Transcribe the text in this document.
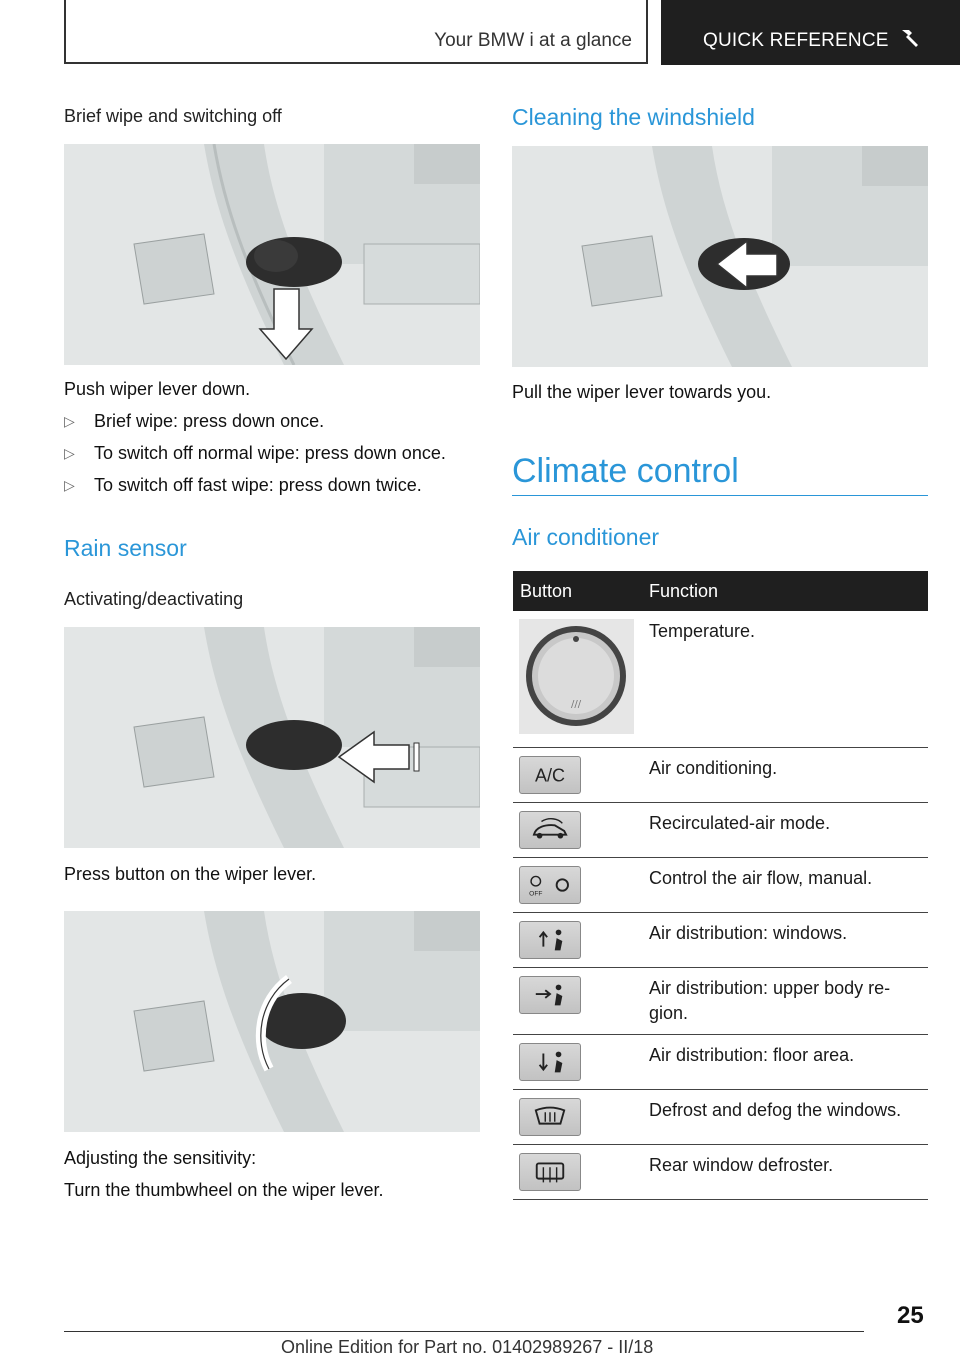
Your BMW i at a glance	QUICK REFERENCE
Brief wipe and switching off
Push wiper lever down.
▷ Brief wipe: press down once.
▷ To switch off normal wipe: press down once.
▷ To switch off fast wipe: press down twice.
Rain sensor
Activating/deactivating
Press button on the wiper lever.
Adjusting the sensitivity:
Turn the thumbwheel on the wiper lever.
Cleaning the windshield
Pull the wiper lever towards you.
Climate control
Air conditioner
Button	Function

///	Temperature.

A/C	Air conditioning.

	Recirculated-air mode.

OFF	Control the air flow, manual.

	Air distribution: windows.

	Air distribution: upper body re- gion.

	Air distribution: floor area.

	Defrost and defog the windows.

	Rear window defroster.
25
Online Edition for Part no. 01402989267 - II/18
